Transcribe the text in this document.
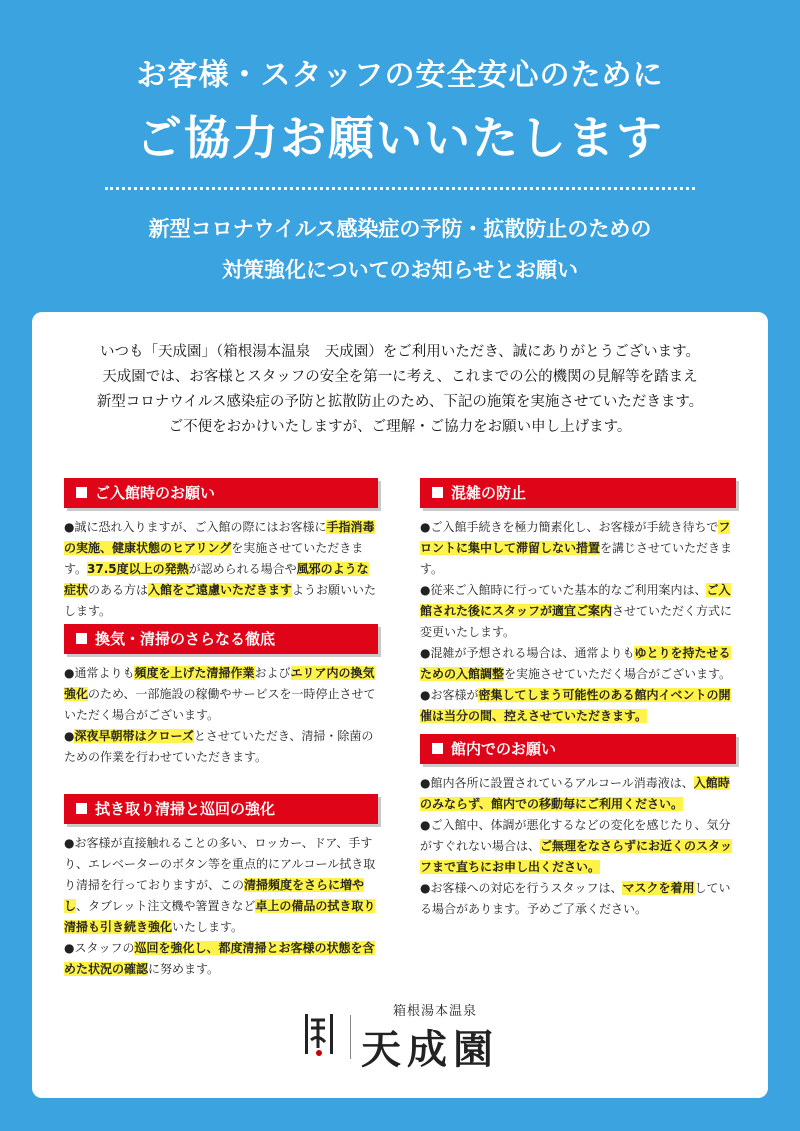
お客様・スタッフの安全安心のために
ご協力お願いいたします
新型コロナウイルス感染症の予防・拡散防止のための
対策強化についてのお知らせとお願い
いつも「天成園」（箱根湯本温泉　天成園）をご利用いただき、誠にありがとうございます。
天成園では、お客様とスタッフの安全を第一に考え、これまでの公的機関の見解等を踏まえ
新型コロナウイルス感染症の予防と拡散防止のため、下記の施策を実施させていただきます。
ご不便をおかけいたしますが、ご理解・ご協力をお願い申し上げます。
ご入館時のお願い
●誠に恐れ入りますが、ご入館の際にはお客様に手指消毒の実施、健康状態のヒアリングを実施させていただきます。37.5度以上の発熱が認められる場合や風邪のような症状のある方は入館をご遠慮いただきますようお願いいたします。
換気・清掃のさらなる徹底
●通常よりも頻度を上げた清掃作業およびエリア内の換気強化のため、一部施設の稼働やサービスを一時停止させていただく場合がございます。
●深夜早朝帯はクローズとさせていただき、清掃・除菌のための作業を行わせていただきます。
拭き取り清掃と巡回の強化
●お客様が直接触れることの多い、ロッカー、ドア、手すり、エレベーターのボタン等を重点的にアルコール拭き取り清掃を行っておりますが、この清掃頻度をさらに増やし、タブレット注文機や箸置きなど卓上の備品の拭き取り清掃も引き続き強化いたします。
●スタッフの巡回を強化し、都度清掃とお客様の状態を含めた状況の確認に努めます。
混雑の防止
●ご入館手続きを極力簡素化し、お客様が手続き待ちでフロントに集中して滞留しない措置を講じさせていただきます。
●従来ご入館時に行っていた基本的なご利用案内は、ご入館された後にスタッフが適宜ご案内させていただく方式に変更いたします。
●混雑が予想される場合は、通常よりもゆとりを持たせるための入館調整を実施させていただく場合がございます。
●お客様が密集してしまう可能性のある館内イベントの開催は当分の間、控えさせていただきます。
館内でのお願い
●館内各所に設置されているアルコール消毒液は、入館時のみならず、館内での移動毎にご利用ください。
●ご入館中、体調が悪化するなどの変化を感じたり、気分がすぐれない場合は、ご無理をなさらずにお近くのスタッフまで直ちにお申し出ください。
●お客様への対応を行うスタッフは、マスクを着用している場合があります。予めご了承ください。
箱根湯本温泉
天成園
